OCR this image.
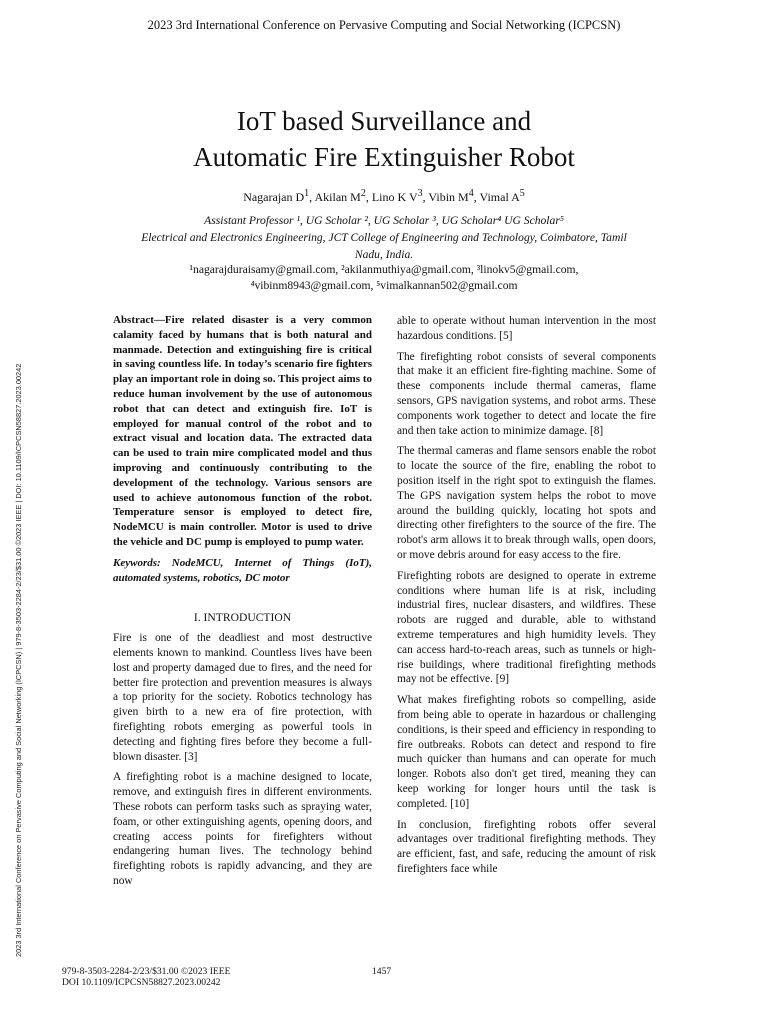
2023 3rd International Conference on Pervasive Computing and Social Networking (ICPCSN)
2023 3rd International Conference on Pervasive Computing and Social Networking (ICPCSN) | 979-8-3503-2284-2/23/$31.00 ©2023 IEEE | DOI: 10.1109/ICPCSN58827.2023.00242
IoT based Surveillance and
Automatic Fire Extinguisher Robot
Nagarajan $D^1$, Akilan $M^2$, Lino K $V^3$, Vibin $M^4$, Vimal $A^5$
Assistant Professor ¹, UG Scholar ², UG Scholar ³, UG Scholar⁴ UG Scholar⁵
Electrical and Electronics Engineering, JCT College of Engineering and Technology, Coimbatore, Tamil
Nadu, India.
¹nagarajduraisamy@gmail.com, ²akilanmuthiya@gmail.com, ³linokv5@gmail.com,
⁴vibinm8943@gmail.com, ⁵vimalkannan502@gmail.com

Abstract—Fire related disaster is a very common calamity faced by humans that is both natural and manmade. Detection and extinguishing fire is critical in saving countless life. In today’s scenario fire fighters play an important role in doing so. This project aims to reduce human involvement by the use of autonomous robot that can detect and extinguish fire. IoT is employed for manual control of the robot and to extract visual and location data. The extracted data can be used to train mire complicated model and thus improving and continuously contributing to the development of the technology. Various sensors are used to achieve autonomous function of the robot. Temperature sensor is employed to detect fire, NodeMCU is main controller. Motor is used to drive the vehicle and DC pump is employed to pump water.

Keywords: NodeMCU, Internet of Things (IoT), automated systems, robotics, DC motor

I. INTRODUCTION

Fire is one of the deadliest and most destructive elements known to mankind. Countless lives have been lost and property damaged due to fires, and the need for better fire protection and prevention measures is always a top priority for the society. Robotics technology has given birth to a new era of fire protection, with firefighting robots emerging as powerful tools in detecting and fighting fires before they become a full-blown disaster. [3]

A firefighting robot is a machine designed to locate, remove, and extinguish fires in different environments. These robots can perform tasks such as spraying water, foam, or other extinguishing agents, opening doors, and creating access points for firefighters without endangering human lives. The technology behind firefighting robots is rapidly advancing, and they are now

able to operate without human intervention in the most hazardous conditions. [5]

The firefighting robot consists of several components that make it an efficient fire-fighting machine. Some of these components include thermal cameras, flame sensors, GPS navigation systems, and robot arms. These components work together to detect and locate the fire and then take action to minimize damage. [8]

The thermal cameras and flame sensors enable the robot to locate the source of the fire, enabling the robot to position itself in the right spot to extinguish the flames. The GPS navigation system helps the robot to move around the building quickly, locating hot spots and directing other firefighters to the source of the fire. The robot's arm allows it to break through walls, open doors, or move debris around for easy access to the fire.

Firefighting robots are designed to operate in extreme conditions where human life is at risk, including industrial fires, nuclear disasters, and wildfires. These robots are rugged and durable, able to withstand extreme temperatures and high humidity levels. They can access hard-to-reach areas, such as tunnels or high-rise buildings, where traditional firefighting methods may not be effective. [9]

What makes firefighting robots so compelling, aside from being able to operate in hazardous or challenging conditions, is their speed and efficiency in responding to fire outbreaks. Robots can detect and respond to fire much quicker than humans and can operate for much longer. Robots also don't get tired, meaning they can keep working for longer hours until the task is completed. [10]

In conclusion, firefighting robots offer several advantages over traditional firefighting methods. They are efficient, fast, and safe, reducing the amount of risk firefighters face while

979-8-3503-2284-2/23/$31.00 ©2023 IEEE
DOI 10.1109/ICPCSN58827.2023.00242
1457
